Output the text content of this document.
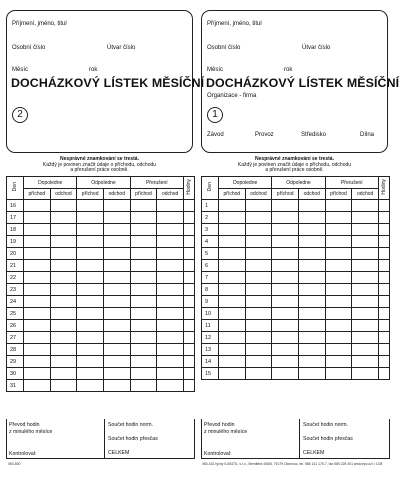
Příjmení, jméno, titul
Osobní číslo	Útvar číslo
Měsíc	rok
DOCHÁZKOVÝ LÍSTEK MĚSÍČNÍ
2
Příjmení, jméno, titul
Osobní číslo	Útvar číslo
Měsíc	rok
DOCHÁZKOVÝ LÍSTEK MĚSÍČNÍ
Organizace - firma
1
Závod	Provoz	Středisko	Dílna
Nesprávné znamkování se trestá.
Každý je povinen značit údaje o příchodu, odchodu
a přerušení práce osobně.
Nesprávné znamkování se trestá.
Každý je povinen značit údaje o příchodu, odchodu
a přerušení práce osobně.
Den	Dopoledne		Odpoledne		Přerušení		Hodiny
	příchod	odchod	příchod	odchod	příchod	odchod	
16							
17							
18							
19							
20							
21							
22							
23							
24							
25							
26							
27							
28							
29							
30							
31							
Den	Dopoledne		Odpoledne		Přerušení		Hodiny
	příchod	odchod	příchod	odchod	příchod	odchod	
1							
2							
3							
4							
5							
6							
7							
8							
9							
10							
11							
12							
13							
14							
15							
Převod hodin
z minulého měsíce
Součet hodin norm.
Součet hodin přesčas
CELKEM
Kontroloval:
Převod hodin
z minulého měsíce
Součet hodin norm.
Součet hodin přesčas
CELKEM
Kontroloval:
060-500	060-431 tyčný 0-6537G, s.r.o., Bernflerd 408/8, 79179 Olomouc, tel. 585 141 175-7, fax 585 228 401 www.epc.cz/ • 1/28
